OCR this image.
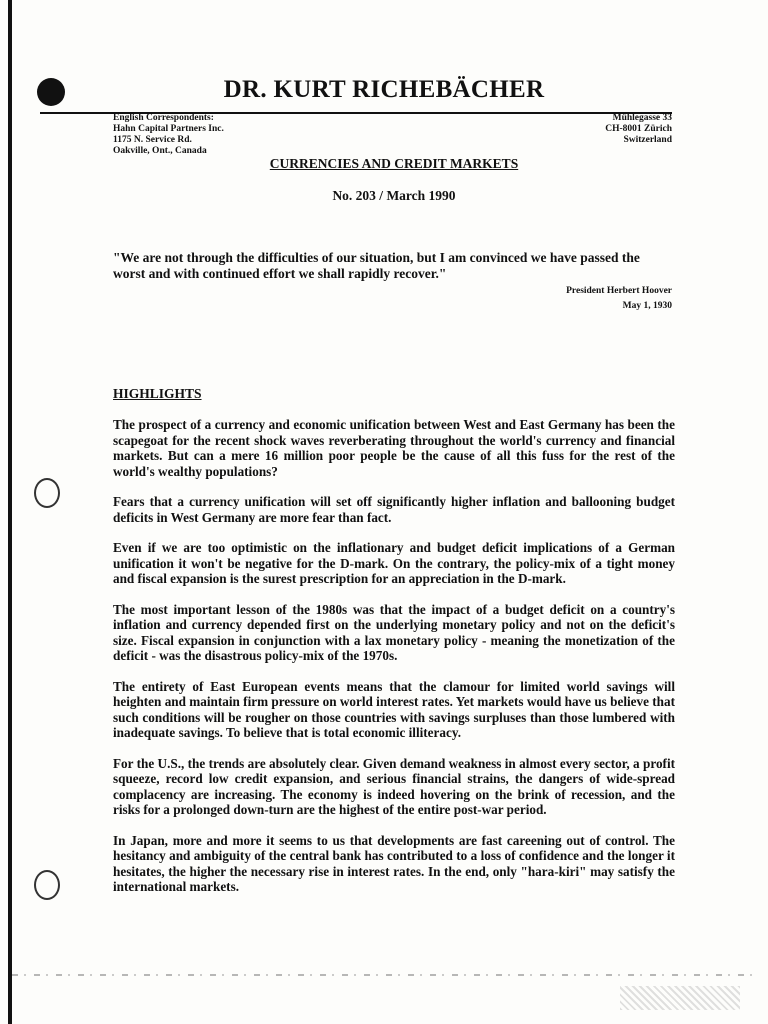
DR. KURT RICHEBÄCHER
English Correspondents:
Hahn Capital Partners Inc.
1175 N. Service Rd.
Oakville, Ont., Canada
Mühlegasse 33
CH-8001 Zürich
Switzerland
CURRENCIES AND CREDIT MARKETS
No. 203 / March 1990
"We are not through the difficulties of our situation, but I am convinced we have passed the worst and with continued effort we shall rapidly recover."
President Herbert Hoover
May 1, 1930
HIGHLIGHTS

The prospect of a currency and economic unification between West and East Germany has been the scapegoat for the recent shock waves reverberating throughout the world's currency and financial markets. But can a mere 16 million poor people be the cause of all this fuss for the rest of the world's wealthy populations?

Fears that a currency unification will set off significantly higher inflation and ballooning budget deficits in West Germany are more fear than fact.

Even if we are too optimistic on the inflationary and budget deficit implications of a German unification it won't be negative for the D-mark. On the contrary, the policy-mix of a tight money and fiscal expansion is the surest prescription for an appreciation in the D-mark.

The most important lesson of the 1980s was that the impact of a budget deficit on a country's inflation and currency depended first on the underlying monetary policy and not on the deficit's size. Fiscal expansion in conjunction with a lax monetary policy - meaning the monetization of the deficit - was the disastrous policy-mix of the 1970s.

The entirety of East European events means that the clamour for limited world savings will heighten and maintain firm pressure on world interest rates. Yet markets would have us believe that such conditions will be rougher on those countries with savings surpluses than those lumbered with inadequate savings. To believe that is total economic illiteracy.

For the U.S., the trends are absolutely clear. Given demand weakness in almost every sector, a profit squeeze, record low credit expansion, and serious financial strains, the dangers of wide-spread complacency are increasing. The economy is indeed hovering on the brink of recession, and the risks for a prolonged down-turn are the highest of the entire post-war period.

In Japan, more and more it seems to us that developments are fast careening out of control. The hesitancy and ambiguity of the central bank has contributed to a loss of confidence and the longer it hesitates, the higher the necessary rise in interest rates. In the end, only "hara-kiri" may satisfy the international markets.
